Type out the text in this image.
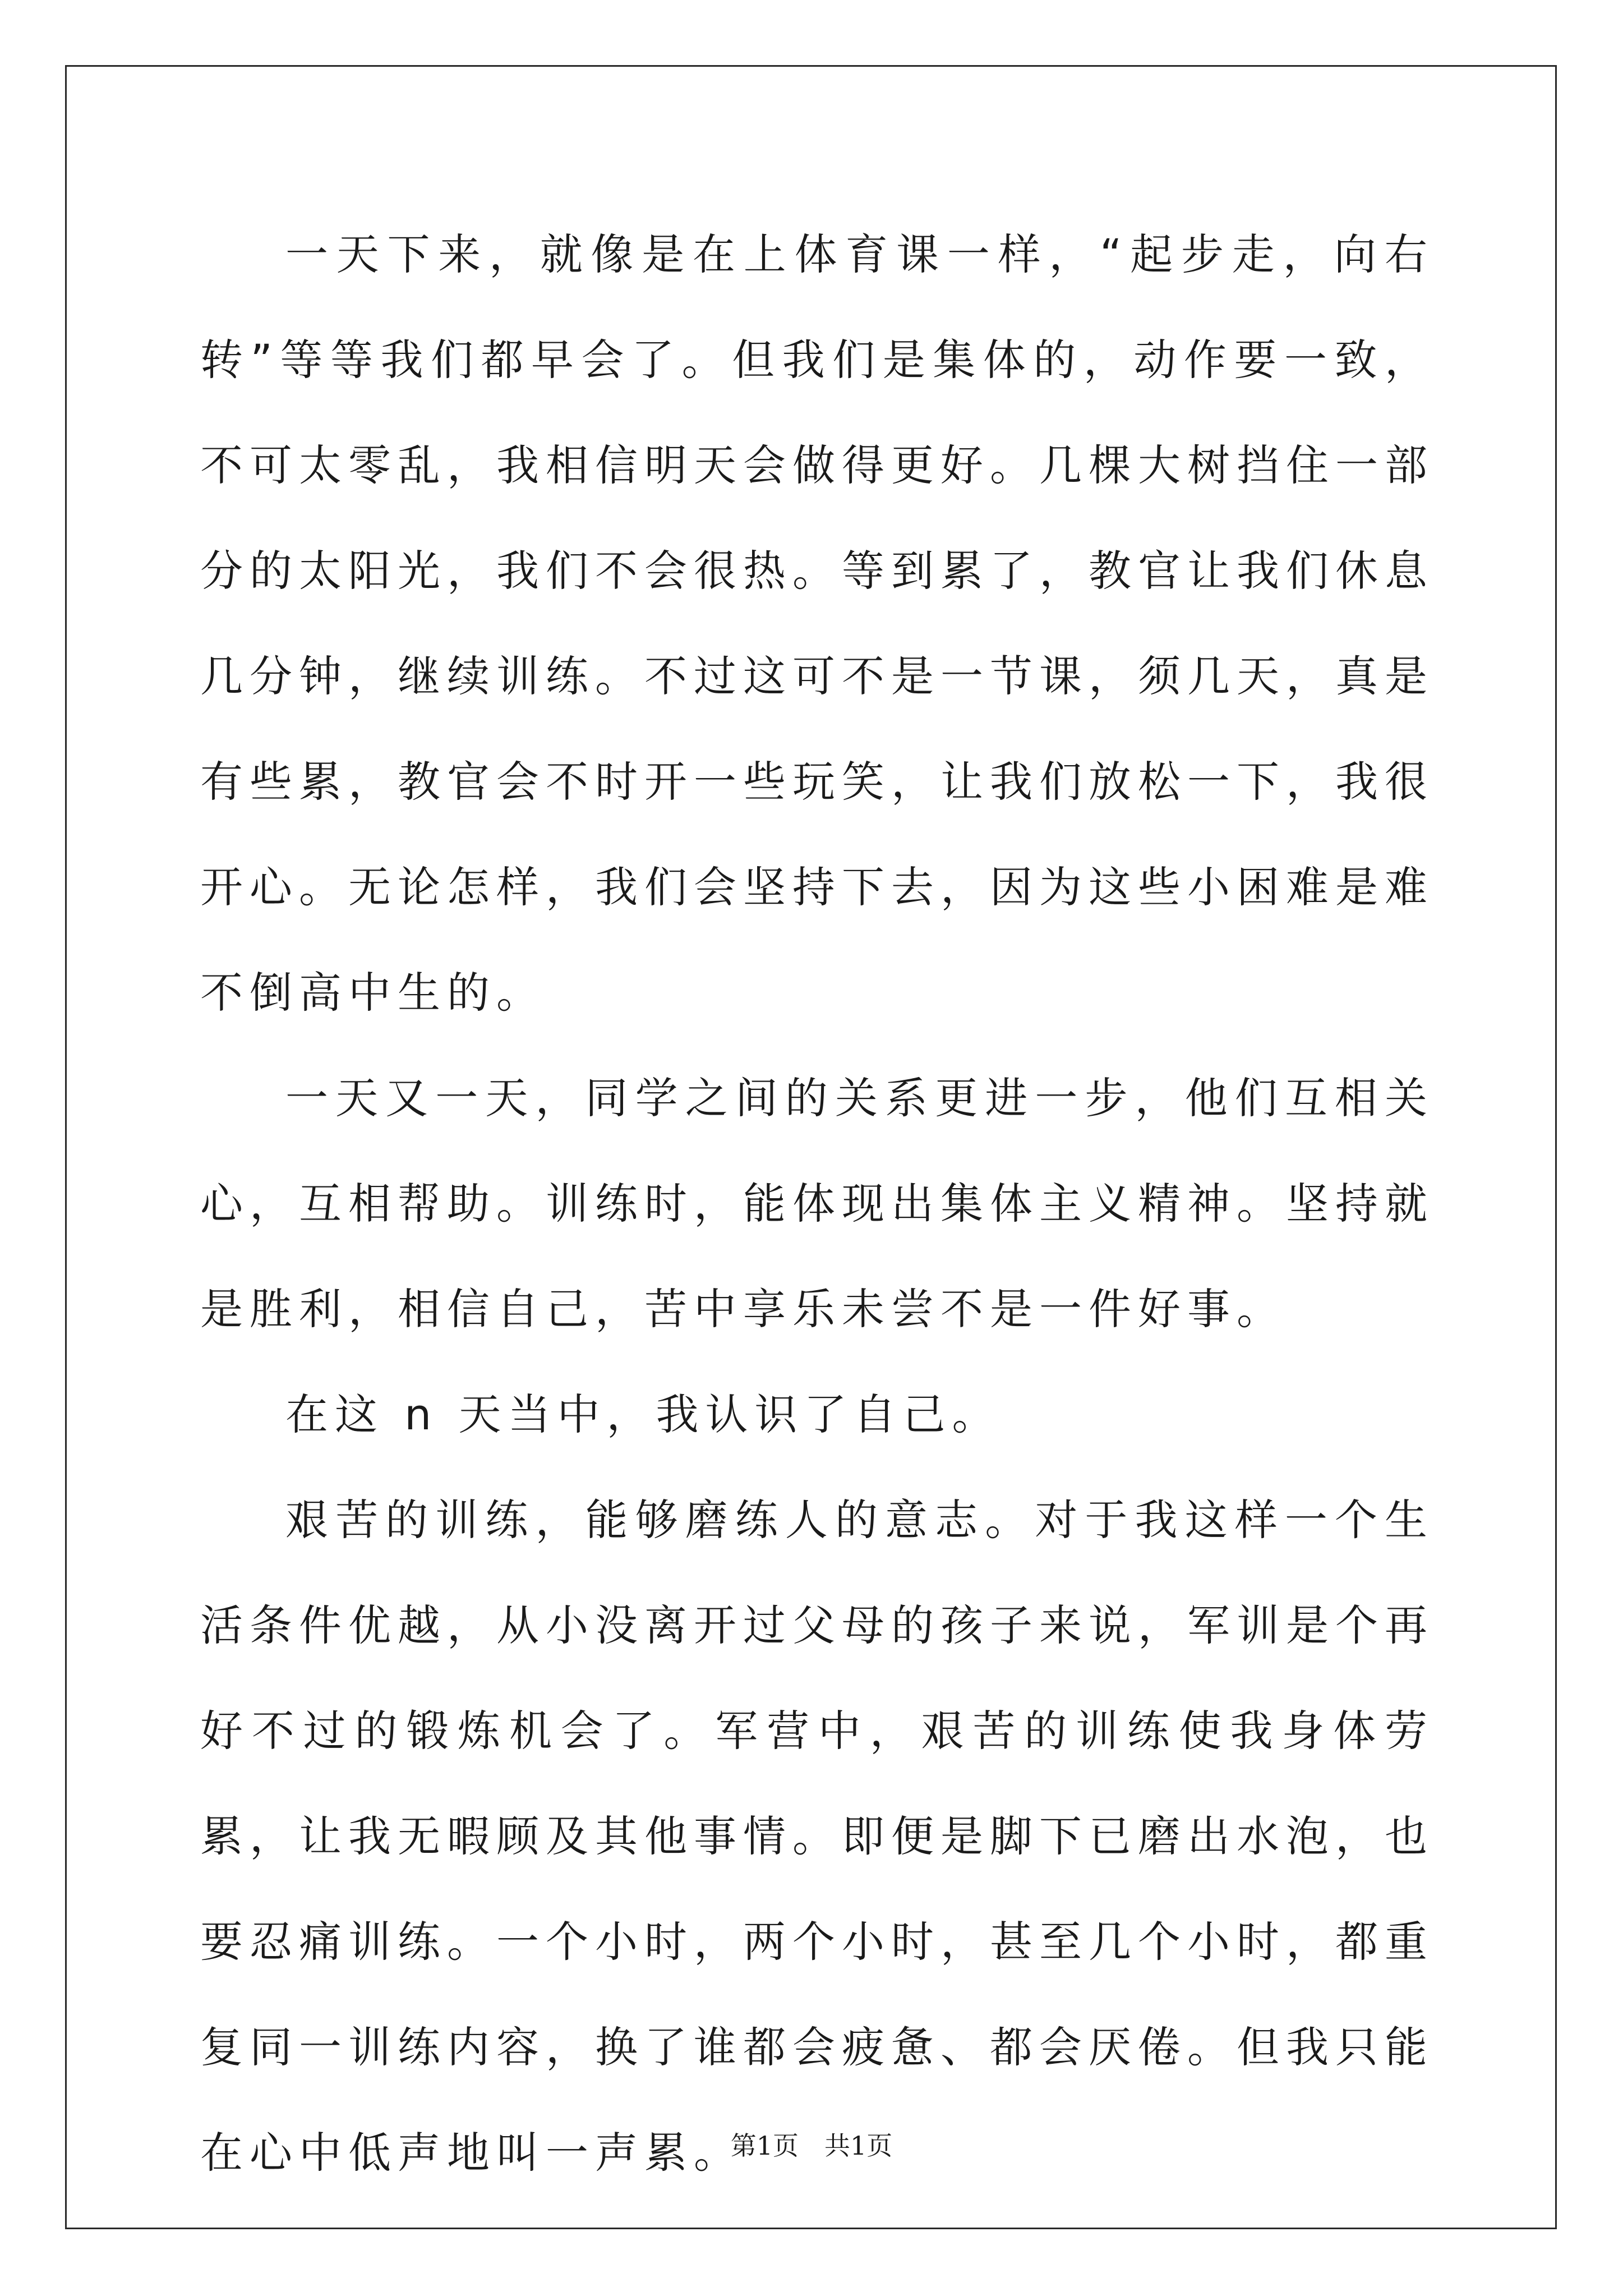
一天下来，就像是在上体育课一样，“起步走，向右转”等等我们都早会了。但我们是集体的，动作要一致，不可太零乱，我相信明天会做得更好。几棵大树挡住一部分的太阳光，我们不会很热。等到累了，教官让我们休息几分钟，继续训练。不过这可不是一节课，须几天，真是有些累，教官会不时开一些玩笑，让我们放松一下，我很开心。无论怎样，我们会坚持下去，因为这些小困难是难不倒高中生的。

一天又一天，同学之间的关系更进一步，他们互相关心，互相帮助。训练时，能体现出集体主义精神。坚持就是胜利，相信自己，苦中享乐未尝不是一件好事。

在这 n 天当中，我认识了自己。

艰苦的训练，能够磨练人的意志。对于我这样一个生活条件优越，从小没离开过父母的孩子来说，军训是个再好不过的锻炼机会了。军营中，艰苦的训练使我身体劳累，让我无暇顾及其他事情。即便是脚下已磨出水泡，也要忍痛训练。一个小时，两个小时，甚至几个小时，都重复同一训练内容，换了谁都会疲惫、都会厌倦。但我只能在心中低声地叫一声累。

第1页 共1页
